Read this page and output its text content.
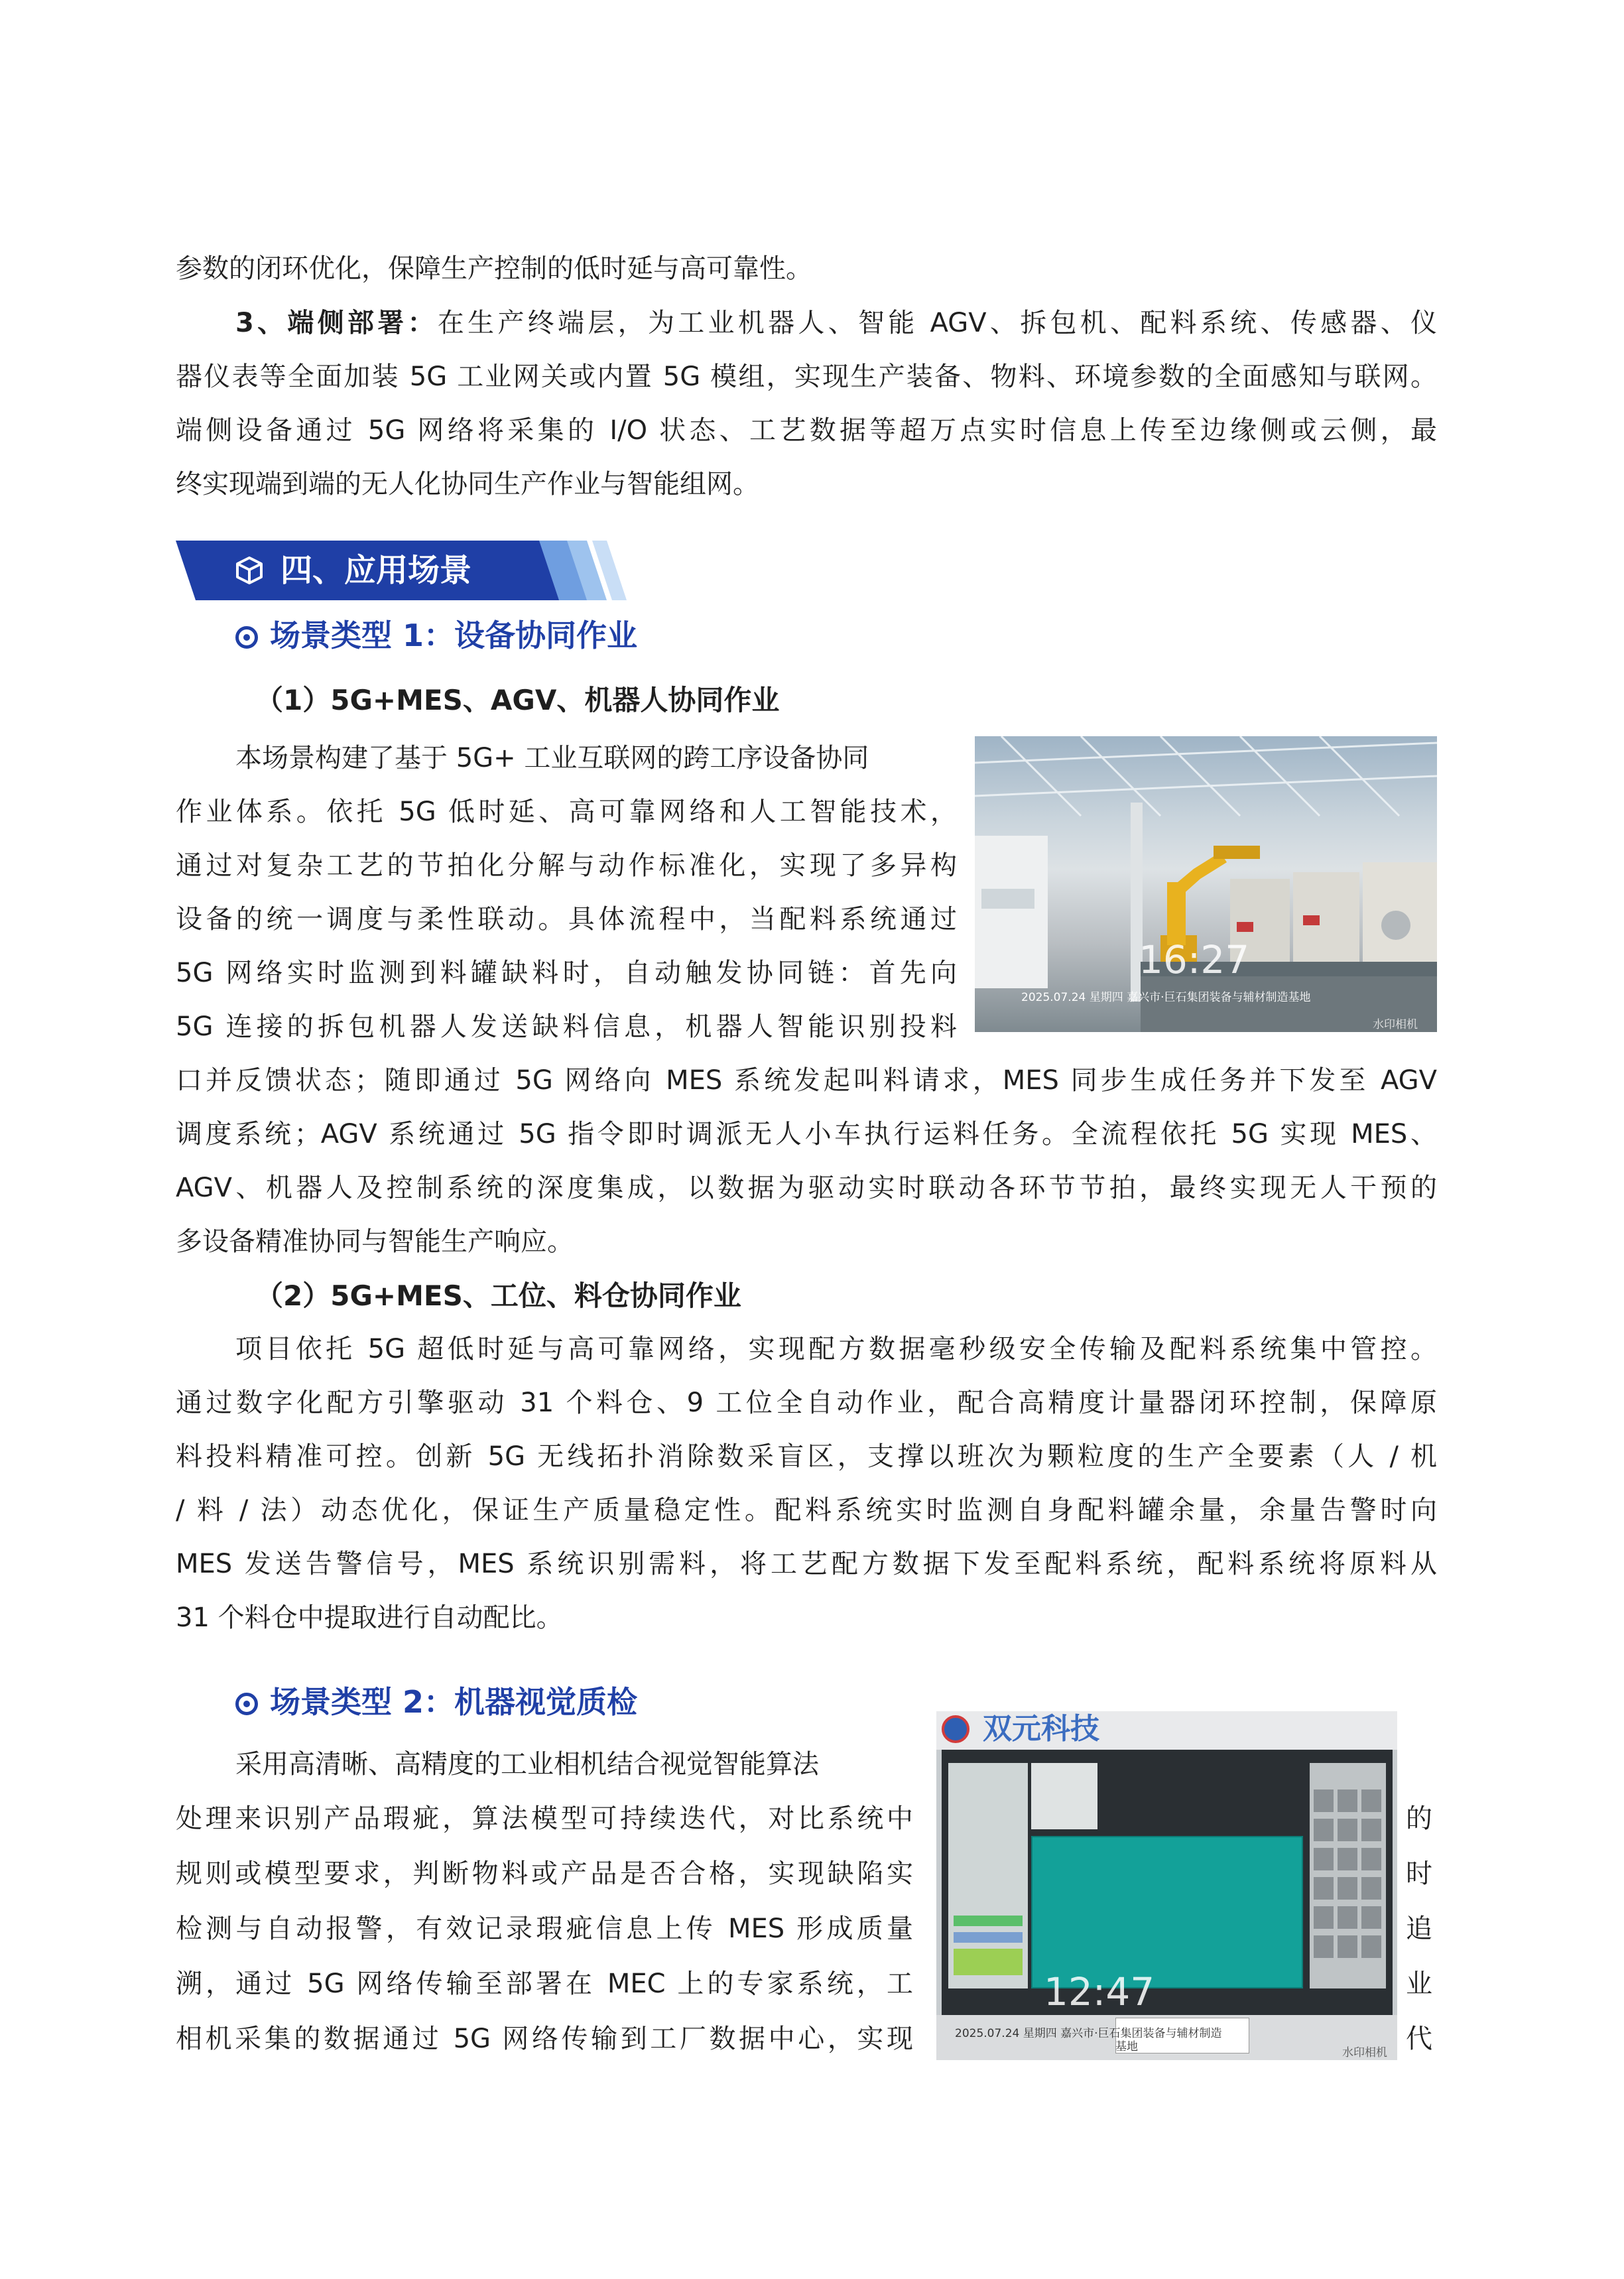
参数的闭环优化，保障生产控制的低时延与高可靠性。
3、端侧部署：在生产终端层，为工业机器人、智能 AGV、拆包机、配料系统、传感器、仪
器仪表等全面加装 5G 工业网关或内置 5G 模组，实现生产装备、物料、环境参数的全面感知与联网。
端侧设备通过 5G 网络将采集的 I/O 状态、工艺数据等超万点实时信息上传至边缘侧或云侧，最
终实现端到端的无人化协同生产作业与智能组网。
四、应用场景
场景类型 1：设备协同作业
（1）5G+MES、AGV、机器人协同作业
本场景构建了基于 5G+ 工业互联网的跨工序设备协同
作业体系。依托 5G 低时延、高可靠网络和人工智能技术，
通过对复杂工艺的节拍化分解与动作标准化，实现了多异构
设备的统一调度与柔性联动。具体流程中，当配料系统通过
5G 网络实时监测到料罐缺料时，自动触发协同链：首先向
5G 连接的拆包机器人发送缺料信息，机器人智能识别投料
口并反馈状态；随即通过 5G 网络向 MES 系统发起叫料请求，MES 同步生成任务并下发至 AGV
调度系统；AGV 系统通过 5G 指令即时调派无人小车执行运料任务。全流程依托 5G 实现 MES、
AGV、机器人及控制系统的深度集成，以数据为驱动实时联动各环节节拍，最终实现无人干预的
多设备精准协同与智能生产响应。
16:27
2025.07.24 星期四 嘉兴市·巨石集团装备与辅材制造基地
水印相机
（2）5G+MES、工位、料仓协同作业
项目依托 5G 超低时延与高可靠网络，实现配方数据毫秒级安全传输及配料系统集中管控。
通过数字化配方引擎驱动 31 个料仓、9 工位全自动作业，配合高精度计量器闭环控制，保障原
料投料精准可控。创新 5G 无线拓扑消除数采盲区，支撑以班次为颗粒度的生产全要素（人 / 机
/ 料 / 法）动态优化，保证生产质量稳定性。配料系统实时监测自身配料罐余量，余量告警时向
MES 发送告警信号，MES 系统识别需料，将工艺配方数据下发至配料系统，配料系统将原料从
31 个料仓中提取进行自动配比。
场景类型 2：机器视觉质检
采用高清晰、高精度的工业相机结合视觉智能算法
处理来识别产品瑕疵，算法模型可持续迭代，对比系统中
规则或模型要求，判断物料或产品是否合格，实现缺陷实
检测与自动报警，有效记录瑕疵信息上传 MES 形成质量
溯，通过 5G 网络传输至部署在 MEC 上的专家系统，工
相机采集的数据通过 5G 网络传输到工厂数据中心，实现
的
时
追
业
代
双元科技
12:47
2025.07.24 星期四 嘉兴市·巨石集团装备与辅材制造
基地	水印相机
